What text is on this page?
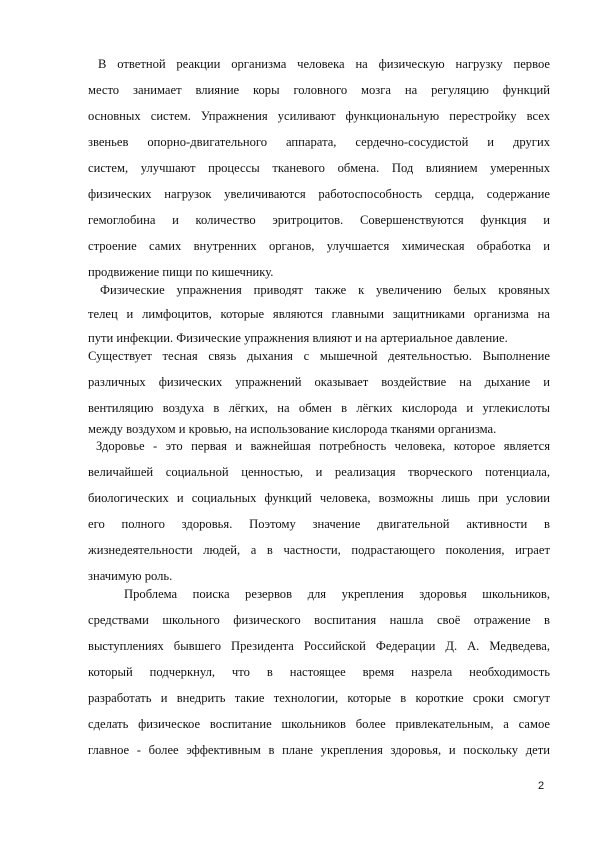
В ответной реакции организма человека на физическую нагрузку первое
место занимает влияние коры головного мозга на регуляцию функций
основных систем. Упражнения усиливают функциональную перестройку всех
звеньев опорно-двигательного аппарата, сердечно-сосудистой и других
систем, улучшают процессы тканевого обмена. Под влиянием умеренных
физических нагрузок увеличиваются работоспособность сердца, содержание
гемоглобина и количество эритроцитов. Совершенствуются функция и
строение самих внутренних органов, улучшается химическая обработка и
продвижение пищи по кишечнику.
Физические упражнения приводят также к увеличению белых кровяных
телец и лимфоцитов, которые являются главными защитниками организма на
пути инфекции. Физические упражнения влияют и на артериальное давление.
Существует тесная связь дыхания с мышечной деятельностью. Выполнение
различных физических упражнений оказывает воздействие на дыхание и
вентиляцию воздуха в лёгких, на обмен в лёгких кислорода и углекислоты
между воздухом и кровью, на использование кислорода тканями организма.
Здоровье - это первая и важнейшая потребность человека, которое является
величайшей социальной ценностью, и реализация творческого потенциала,
биологических и социальных функций человека, возможны лишь при условии
его полного здоровья. Поэтому значение двигательной активности в
жизнедеятельности людей, а в частности, подрастающего поколения, играет
значимую роль.
Проблема поиска резервов для укрепления здоровья школьников,
средствами школьного физического воспитания нашла своё отражение в
выступлениях бывшего Президента Российской Федерации Д. А. Медведева,
который подчеркнул, что в настоящее время назрела необходимость
разработать и внедрить такие технологии, которые в короткие сроки смогут
сделать физическое воспитание школьников более привлекательным, а самое
главное - более эффективным в плане укрепления здоровья, и поскольку дети
2
